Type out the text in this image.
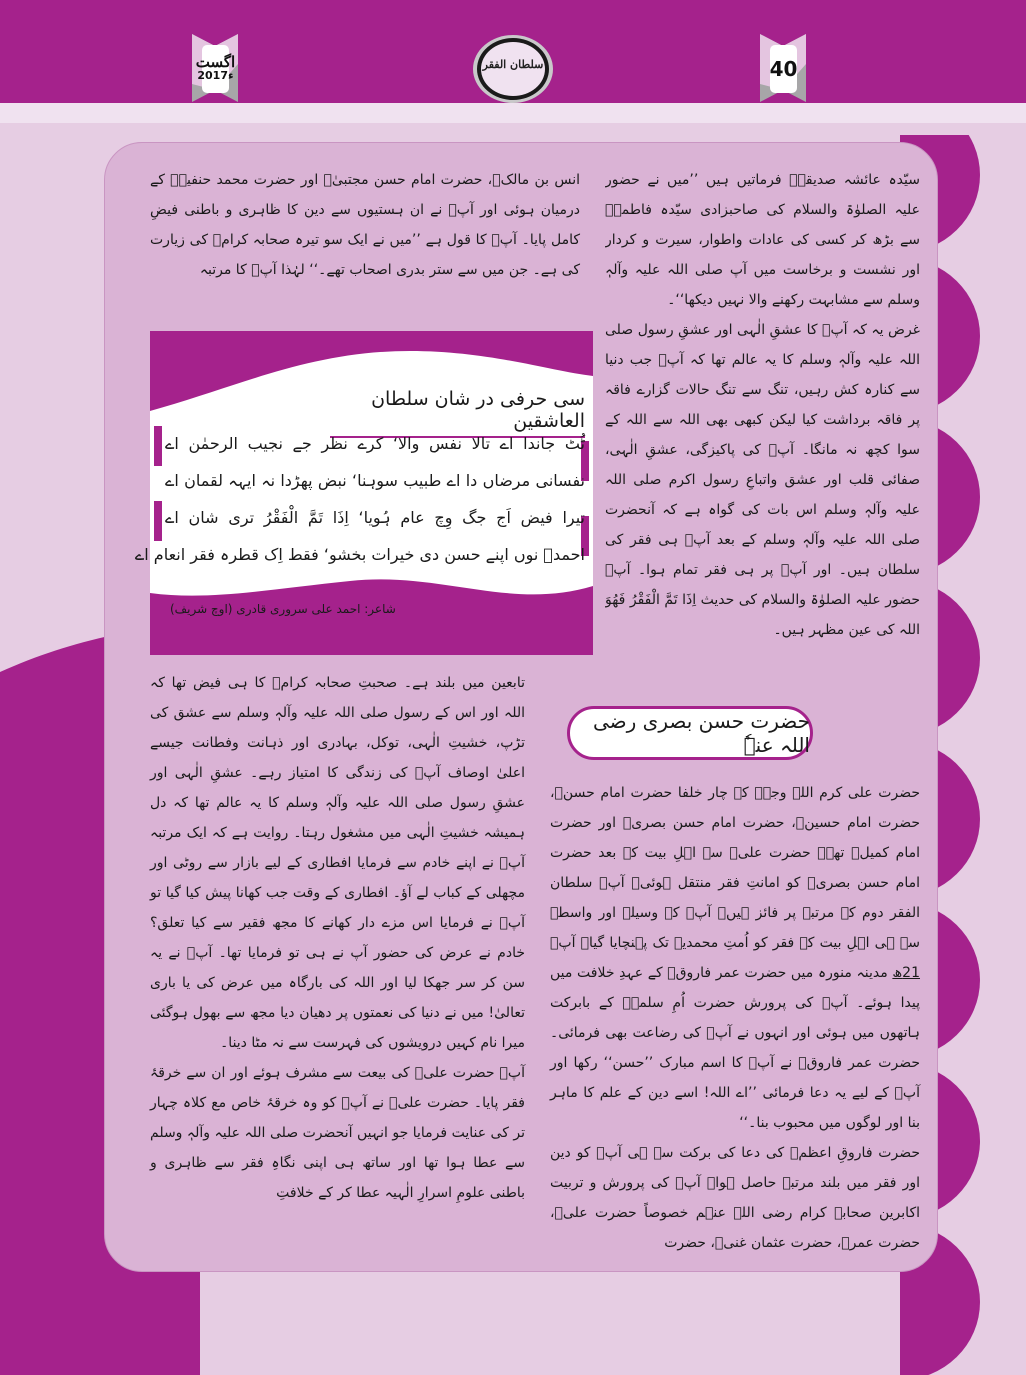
اگست
2017ء
سلطان الفقر	40

سیّدہ عائشہ صدیقہؓ فرماتیں ہیں ’’میں نے حضور علیہ الصلوٰۃ والسلام کی صاحبزادی سیّدہ فاطمہؓ سے بڑھ کر کسی کی عادات واطوار، سیرت و کردار اور نشست و برخاست میں آپ صلی اللہ علیہ وآلہٖ وسلم سے مشابہت رکھنے والا نہیں دیکھا‘‘۔

غرض یہ کہ آپؓ کا عشقِ الٰہی اور عشقِ رسول صلی اللہ علیہ وآلہٖ وسلم کا یہ عالم تھا کہ آپؓ جب دنیا سے کنارہ کش رہیں، تنگ سے تنگ حالات گزارے فاقہ پر فاقہ برداشت کیا لیکن کبھی بھی اللہ سے اللہ کے سوا کچھ نہ مانگا۔ آپؓ کی پاکیزگی، عشقِ الٰہی، صفائی قلب اور عشق واتباعِ رسول اکرم صلی اللہ علیہ وآلہٖ وسلم اس بات کی گواہ ہے کہ آنحضرت صلی اللہ علیہ وآلہٖ وسلم کے بعد آپؓ ہی فقر کی سلطان ہیں۔ اور آپؓ پر ہی فقر تمام ہوا۔ آپؓ حضور علیہ الصلوٰۃ والسلام کی حدیث اِذَا تَمَّ الْفَقْرُ فَھُوَ اللہ کی عین مظہر ہیں۔

انس بن مالکؓ، حضرت امام حسن مجتبیٰؓ اور حضرت محمد حنفیہؒ کے درمیان ہوئی اور آپؒ نے ان ہستیوں سے دین کا ظاہری و باطنی فیضِ کامل پایا۔ آپؒ کا قول ہے ’’میں نے ایک سو تیرہ صحابہ کرامؓ کی زیارت کی ہے۔ جن میں سے ستر بدری اصحاب تھے۔‘‘ لہٰذا آپؒ کا مرتبہ

سی حرفی در شان سلطان العاشقین
ٹُٹ جاندا اے تالا نفس والا‘ کرے نظر جے نجیب الرحمٰن اے
نفسانی مرضاں دا اے طبیب سوہنا‘ نبض پھڑدا نہ ایہہ لقمان اے
تیرا فیض اَج جگ وِچ عام ہُویا‘ اِذَا تَمَّ الْفَقْرُ تری شان اے
احمدؔ نوں اپنے حسن دی خیرات بخشو‘ فقط اِک قطرہ فقر انعام اے
شاعر: احمد علی سروری قادری (اوچ شریف)

تابعین میں بلند ہے۔ صحبتِ صحابہ کرامؓ کا ہی فیض تھا کہ اللہ اور اس کے رسول صلی اللہ علیہ وآلہٖ وسلم سے عشق کی تڑپ، خشیتِ الٰہی، توکل، بہادری اور ذہانت وفطانت جیسے اعلیٰ اوصاف آپؒ کی زندگی کا امتیاز رہے۔ عشقِ الٰہی اور عشقِ رسول صلی اللہ علیہ وآلہٖ وسلم کا یہ عالم تھا کہ دل ہمیشہ خشیتِ الٰہی میں مشغول رہتا۔ روایت ہے کہ ایک مرتبہ آپؒ نے اپنے خادم سے فرمایا افطاری کے لیے بازار سے روٹی اور مچھلی کے کباب لے آؤ۔ افطاری کے وقت جب کھانا پیش کیا گیا تو آپؒ نے فرمایا اس مزے دار کھانے کا مجھ فقیر سے کیا تعلق؟ خادم نے عرض کی حضور آپ نے ہی تو فرمایا تھا۔ آپؒ نے یہ سن کر سر جھکا لیا اور اللہ کی بارگاہ میں عرض کی یا باری تعالیٰ! میں نے دنیا کی نعمتوں پر دھیان دیا مجھ سے بھول ہوگئی میرا نام کہیں درویشوں کی فہرست سے نہ مٹا دینا۔

آپؒ حضرت علیؓ کی بیعت سے مشرف ہوئے اور ان سے خرقۂ فقر پایا۔ حضرت علیؓ نے آپؒ کو وہ خرقۂ خاص مع کلاہ چہار تر کی عنایت فرمایا جو انہیں آنحضرت صلی اللہ علیہ وآلہٖ وسلم سے عطا ہوا تھا اور ساتھ ہی اپنی نگاہِ فقر سے ظاہری و باطنی علومِ اسرارِ الٰہیہ عطا کر کے خلافتِ

حضرت حسن بصری رضی اللہ عنہٗ

حضرت علی کرم اللہ وجہہ کے چار خلفا حضرت امام حسنؓ، حضرت امام حسینؓ، حضرت امام حسن بصریؒ اور حضرت امام کمیلؒ تھے۔ حضرت علیؓ سے اہلِ بیت کے بعد حضرت امام حسن بصریؒ کو امانتِ فقر منتقل ہوئی۔ آپؒ سلطان الفقر دوم کے مرتبہ پر فائز ہیں۔ آپؒ کے وسیلہ اور واسطے سے ہی اہلِ بیت کے فقر کو اُمتِ محمدیہ تک پہنچایا گیا۔ آپؒ 21ھ مدینہ منورہ میں حضرت عمر فاروقؓ کے عہدِ خلافت میں پیدا ہوئے۔ آپؒ کی پرورش حضرت اُمِ سلمہؓ کے بابرکت ہاتھوں میں ہوئی اور انہوں نے آپؒ کی رضاعت بھی فرمائی۔ حضرت عمر فاروقؓ نے آپؒ کا اسم مبارک ’’حسن‘‘ رکھا اور آپؒ کے لیے یہ دعا فرمائی ’’اے اللہ! اسے دین کے علم کا ماہر بنا اور لوگوں میں محبوب بنا۔‘‘

حضرت فاروقِ اعظمؓ کی دعا کی برکت سے ہی آپؒ کو دین اور فقر میں بلند مرتبہ حاصل ہوا۔ آپؒ کی پرورش و تربیت اکابرین صحابہ کرام رضی اللہ عنہم خصوصاً حضرت علیؓ، حضرت عمرؓ، حضرت عثمان غنیؓ، حضرت
